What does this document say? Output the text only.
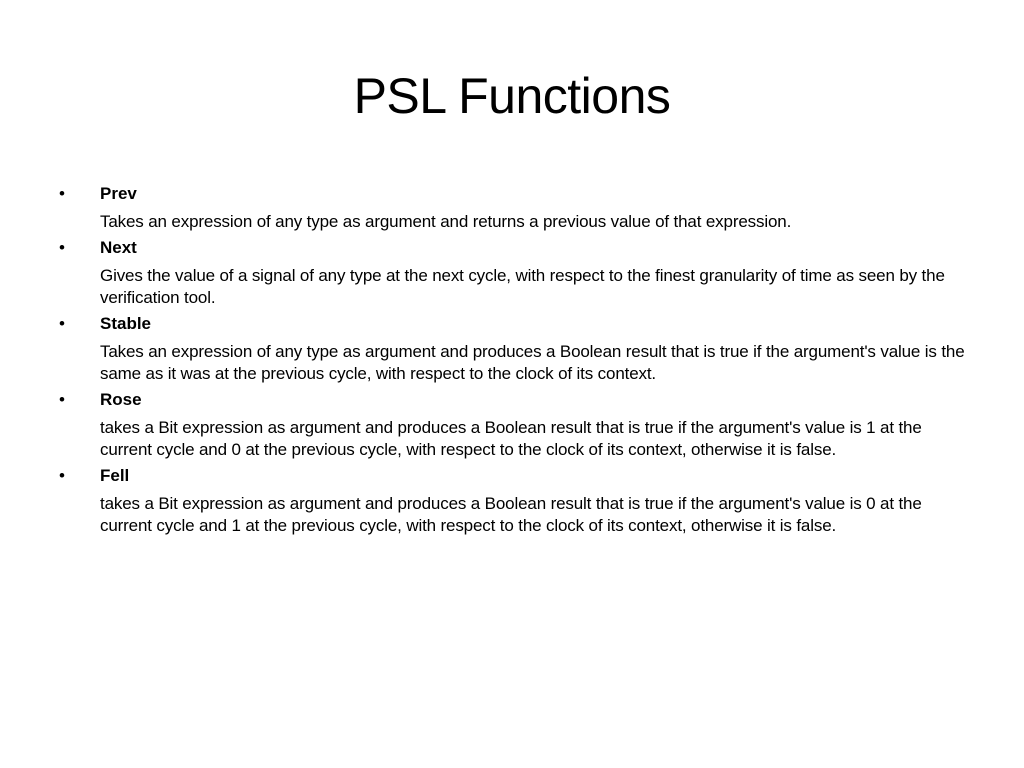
PSL Functions
• Prev
Takes an expression of any type as argument and returns a previous value of that expression.
• Next
Gives the value of a signal of any type at the next cycle, with respect to the finest granularity of time as seen by the verification tool.
• Stable
Takes an expression of any type as argument and produces a Boolean result that is true if the argument's value is the same as it was at the previous cycle, with respect to the clock of its context.
• Rose
takes a Bit expression as argument and produces a Boolean result that is true if the argument's value is 1 at the current cycle and 0 at the previous cycle, with respect to the clock of its context, otherwise it is false.
• Fell
takes a Bit expression as argument and produces a Boolean result that is true if the argument's value is 0 at the current cycle and 1 at the previous cycle, with respect to the clock of its context, otherwise it is false.
